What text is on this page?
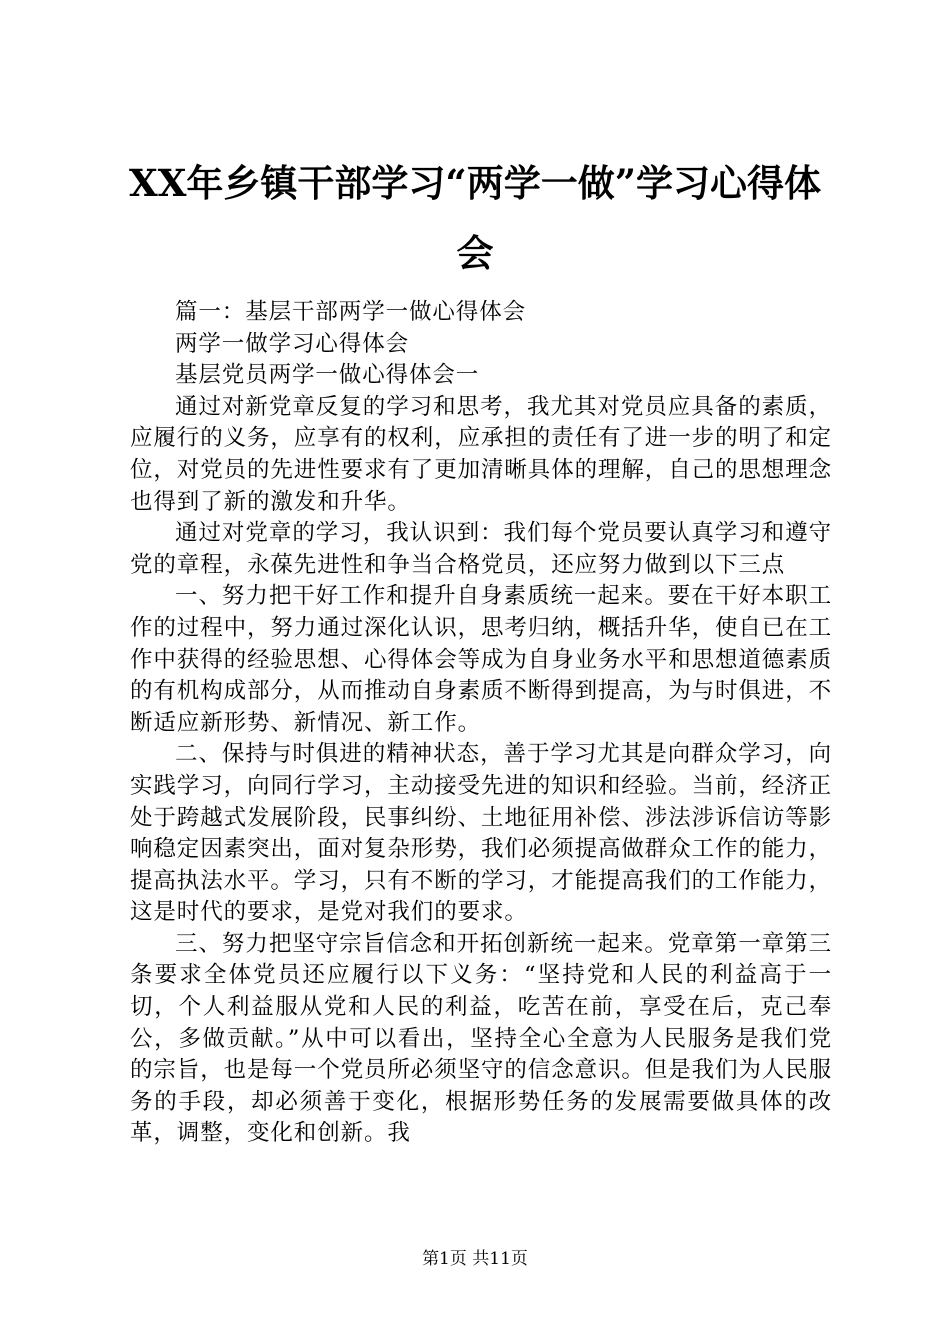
XX年乡镇干部学习“两学一做”学习心得体
会

篇一：基层干部两学一做心得体会

两学一做学习心得体会

基层党员两学一做心得体会一

通过对新党章反复的学习和思考，我尤其对党员应具备的素质，应履行的义务，应享有的权利，应承担的责任有了进一步的明了和定位，对党员的先进性要求有了更加清晰具体的理解，自己的思想理念也得到了新的激发和升华。

通过对党章的学习，我认识到：我们每个党员要认真学习和遵守党的章程，永葆先进性和争当合格党员，还应努力做到以下三点

一、努力把干好工作和提升自身素质统一起来。要在干好本职工作的过程中，努力通过深化认识，思考归纳，概括升华，使自已在工作中获得的经验思想、心得体会等成为自身业务水平和思想道德素质的有机构成部分，从而推动自身素质不断得到提高，为与时俱进，不断适应新形势、新情况、新工作。

二、保持与时俱进的精神状态，善于学习尤其是向群众学习，向实践学习，向同行学习，主动接受先进的知识和经验。当前，经济正处于跨越式发展阶段，民事纠纷、土地征用补偿、涉法涉诉信访等影响稳定因素突出，面对复杂形势，我们必须提高做群众工作的能力，提高执法水平。学习，只有不断的学习，才能提高我们的工作能力，这是时代的要求，是党对我们的要求。

三、努力把坚守宗旨信念和开拓创新统一起来。党章第一章第三条要求全体党员还应履行以下义务：“坚持党和人民的利益高于一切，个人利益服从党和人民的利益，吃苦在前，享受在后，克己奉公，多做贡献。”从中可以看出，坚持全心全意为人民服务是我们党的宗旨，也是每一个党员所必须坚守的信念意识。但是我们为人民服务的手段，却必须善于变化，根据形势任务的发展需要做具体的改革，调整，变化和创新。我

第1页 共11页
